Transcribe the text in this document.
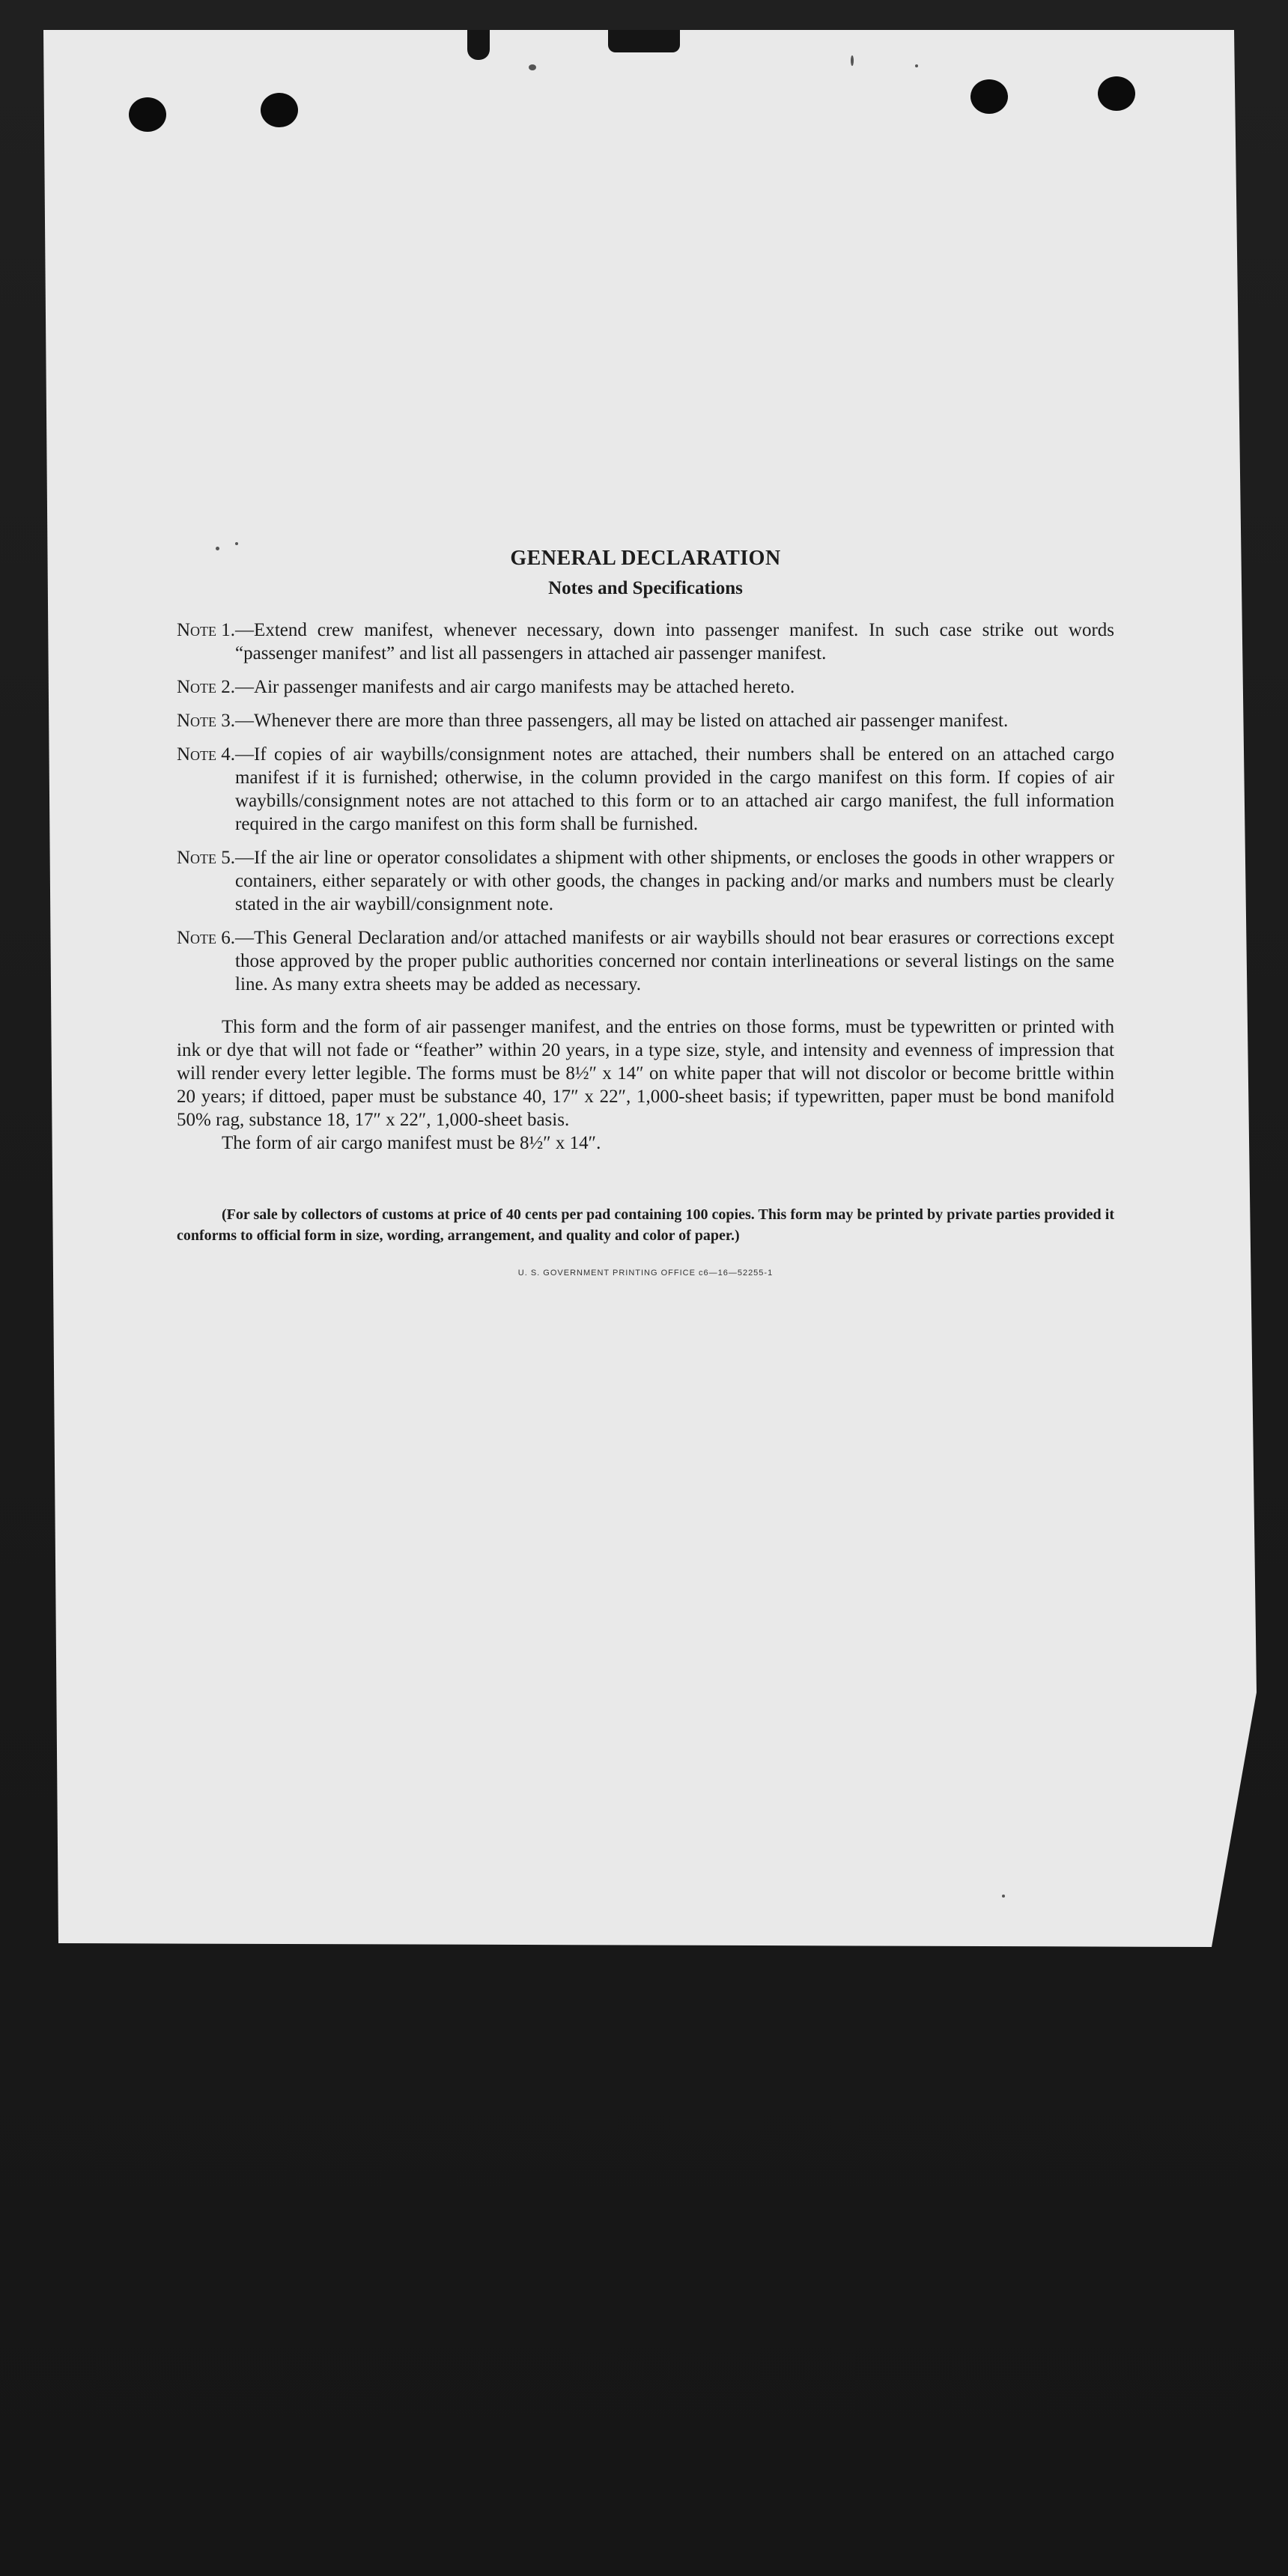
GENERAL DECLARATION

Notes and Specifications

Note 1. —Extend crew manifest, whenever necessary, down into passenger manifest. In such case strike out words “passenger manifest” and list all passengers in attached air passenger manifest.
Note 2. —Air passenger manifests and air cargo manifests may be attached hereto.
Note 3. —Whenever there are more than three passengers, all may be listed on attached air passenger manifest.
Note 4. —If copies of air waybills/consignment notes are attached, their numbers shall be entered on an attached cargo manifest if it is furnished; otherwise, in the column provided in the cargo manifest on this form. If copies of air waybills/consignment notes are not attached to this form or to an attached air cargo manifest, the full information required in the cargo manifest on this form shall be furnished.
Note 5. —If the air line or operator consolidates a shipment with other shipments, or encloses the goods in other wrappers or containers, either separately or with other goods, the changes in packing and/or marks and numbers must be clearly stated in the air waybill/consignment note.
Note 6. —This General Declaration and/or attached manifests or air waybills should not bear erasures or corrections except those approved by the proper public authorities concerned nor contain interlineations or several listings on the same line. As many extra sheets may be added as necessary.

This form and the form of air passenger manifest, and the entries on those forms, must be typewritten or printed with ink or dye that will not fade or “feather” within 20 years, in a type size, style, and intensity and evenness of impression that will render every letter legible. The forms must be 8½″ x 14″ on white paper that will not discolor or become brittle within 20 years; if dittoed, paper must be substance 40, 17″ x 22″, 1,000-sheet basis; if typewritten, paper must be bond manifold 50% rag, substance 18, 17″ x 22″, 1,000-sheet basis.

The form of air cargo manifest must be 8½″ x 14″.

(For sale by collectors of customs at price of 40 cents per pad containing 100 copies. This form may be printed by private parties provided it conforms to official form in size, wording, arrangement, and quality and color of paper.)

U. S. GOVERNMENT PRINTING OFFICE c6—16—52255-1
